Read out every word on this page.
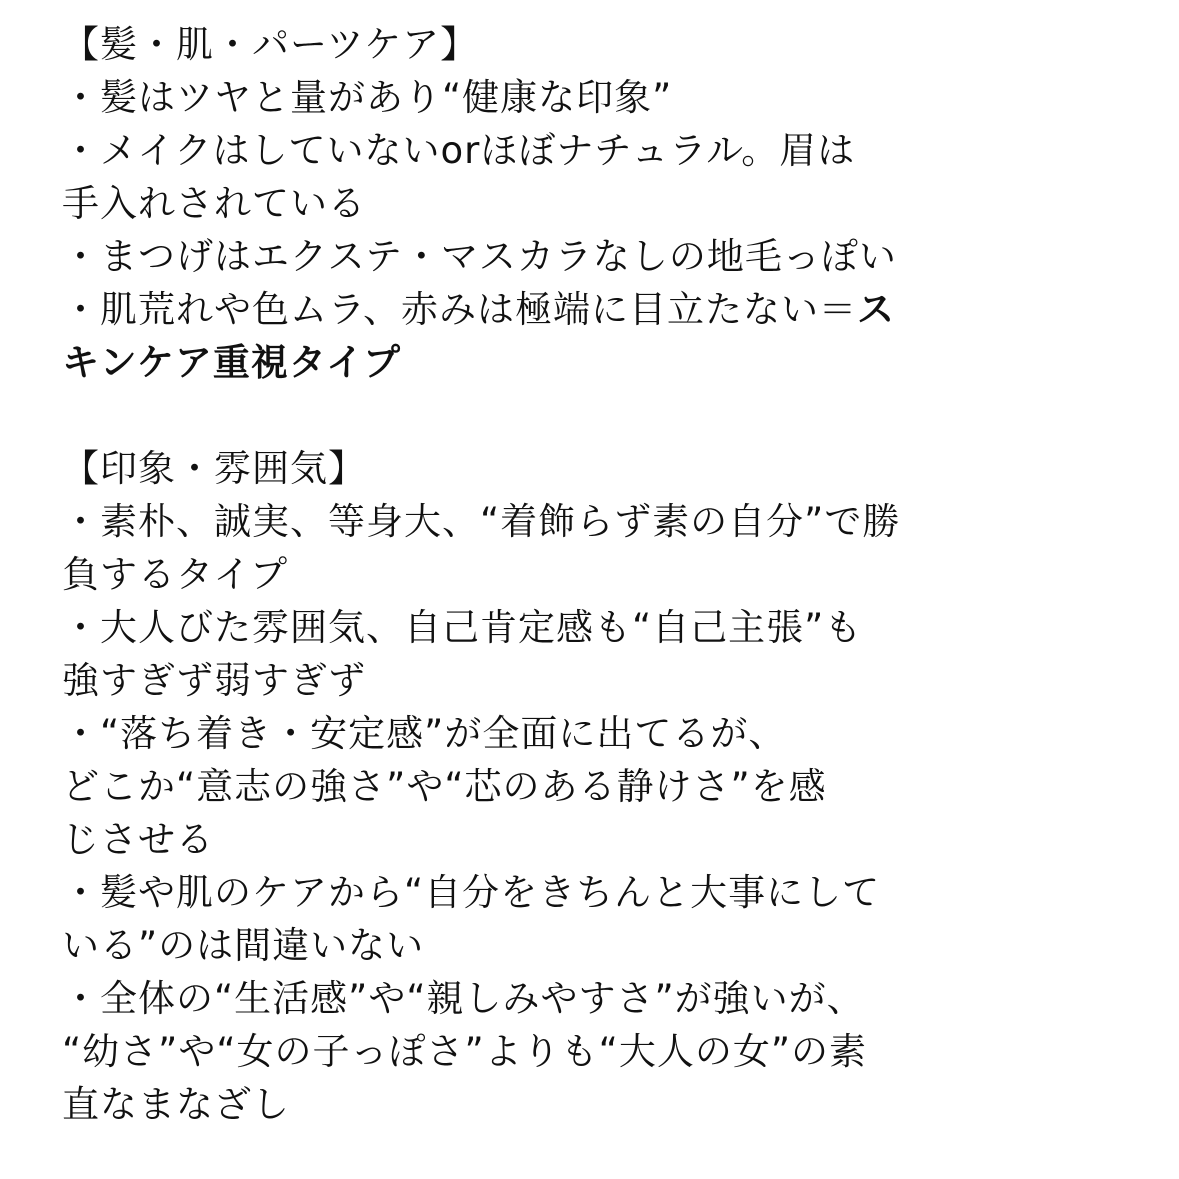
【髪・肌・パーツケア】
・髪はツヤと量があり“健康な印象”
・メイクはしていないorほぼナチュラル。眉は
手入れされている
・まつげはエクステ・マスカラなしの地毛っぽい
・肌荒れや色ムラ、赤みは極端に目立たない＝ス
キンケア重視タイプ
【印象・雰囲気】
・素朴、誠実、等身大、“着飾らず素の自分”で勝
負するタイプ
・大人びた雰囲気、自己肯定感も“自己主張”も
強すぎず弱すぎず
・“落ち着き・安定感”が全面に出てるが、
どこか“意志の強さ”や“芯のある静けさ”を感
じさせる
・髪や肌のケアから“自分をきちんと大事にして
いる”のは間違いない
・全体の“生活感”や“親しみやすさ”が強いが、
“幼さ”や“女の子っぽさ”よりも“大人の女”の素
直なまなざし
